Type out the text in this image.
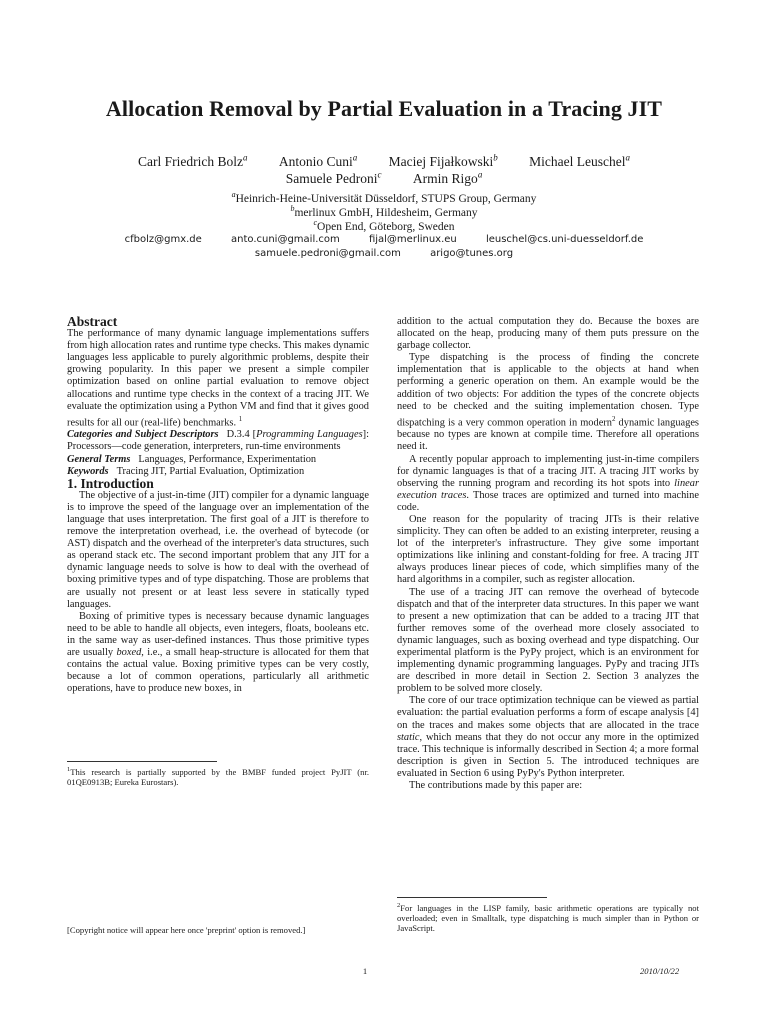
Allocation Removal by Partial Evaluation in a Tracing JIT
Carl Friedrich Bolz$^a$ Antonio Cuni$^a$ Maciej Fijałkowski$^b$ Michael Leuschel$^a$
Samuele Pedroni$^c$ Armin Rigo$^a$
$^a$Heinrich-Heine-Universität Düsseldorf, STUPS Group, Germany
$^b$merlinux GmbH, Hildesheim, Germany
$^c$Open End, Göteborg, Sweden
cfbolz@gmx.de	anto.cuni@gmail.com	fijal@merlinux.eu	leuschel@cs.uni-duesseldorf.de
samuele.pedroni@gmail.com	arigo@tunes.org
Abstract

The performance of many dynamic language implementations suffers from high allocation rates and runtime type checks. This makes dynamic languages less applicable to purely algorithmic problems, despite their growing popularity. In this paper we present a simple compiler optimization based on online partial evaluation to remove object allocations and runtime type checks in the context of a tracing JIT. We evaluate the optimization using a Python VM and find that it gives good results for all our (real-life) benchmarks. $^1$

Categories and Subject Descriptors D.3.4 [Programming Languages]: Processors—code generation, interpreters, run-time environments

General Terms Languages, Performance, Experimentation

Keywords Tracing JIT, Partial Evaluation, Optimization

1. Introduction

The objective of a just-in-time (JIT) compiler for a dynamic language is to improve the speed of the language over an implementation of the language that uses interpretation. The first goal of a JIT is therefore to remove the interpretation overhead, i.e. the overhead of bytecode (or AST) dispatch and the overhead of the interpreter's data structures, such as operand stack etc. The second important problem that any JIT for a dynamic language needs to solve is how to deal with the overhead of boxing primitive types and of type dispatching. Those are problems that are usually not present or at least less severe in statically typed languages.

Boxing of primitive types is necessary because dynamic languages need to be able to handle all objects, even integers, floats, booleans etc. in the same way as user-defined instances. Thus those primitive types are usually boxed, i.e., a small heap-structure is allocated for them that contains the actual value. Boxing primitive types can be very costly, because a lot of common operations, particularly all arithmetic operations, have to produce new boxes, in

$^1$This research is partially supported by the BMBF funded project PyJIT (nr. 01QE0913B; Eureka Eurostars).
[Copyright notice will appear here once 'preprint' option is removed.]

addition to the actual computation they do. Because the boxes are allocated on the heap, producing many of them puts pressure on the garbage collector.

Type dispatching is the process of finding the concrete implementation that is applicable to the objects at hand when performing a generic operation on them. An example would be the addition of two objects: For addition the types of the concrete objects need to be checked and the suiting implementation chosen. Type dispatching is a very common operation in modern$^2$ dynamic languages because no types are known at compile time. Therefore all operations need it.

A recently popular approach to implementing just-in-time compilers for dynamic languages is that of a tracing JIT. A tracing JIT works by observing the running program and recording its hot spots into linear execution traces. Those traces are optimized and turned into machine code.

One reason for the popularity of tracing JITs is their relative simplicity. They can often be added to an existing interpreter, reusing a lot of the interpreter's infrastructure. They give some important optimizations like inlining and constant-folding for free. A tracing JIT always produces linear pieces of code, which simplifies many of the hard algorithms in a compiler, such as register allocation.

The use of a tracing JIT can remove the overhead of bytecode dispatch and that of the interpreter data structures. In this paper we want to present a new optimization that can be added to a tracing JIT that further removes some of the overhead more closely associated to dynamic languages, such as boxing overhead and type dispatching. Our experimental platform is the PyPy project, which is an environment for implementing dynamic programming languages. PyPy and tracing JITs are described in more detail in Section 2. Section 3 analyzes the problem to be solved more closely.

The core of our trace optimization technique can be viewed as partial evaluation: the partial evaluation performs a form of escape analysis [4] on the traces and makes some objects that are allocated in the trace static, which means that they do not occur any more in the optimized trace. This technique is informally described in Section 4; a more formal description is given in Section 5. The introduced techniques are evaluated in Section 6 using PyPy's Python interpreter.

The contributions made by this paper are:

$^2$For languages in the LISP family, basic arithmetic operations are typically not overloaded; even in Smalltalk, type dispatching is much simpler than in Python or JavaScript.
1	2010/10/22
